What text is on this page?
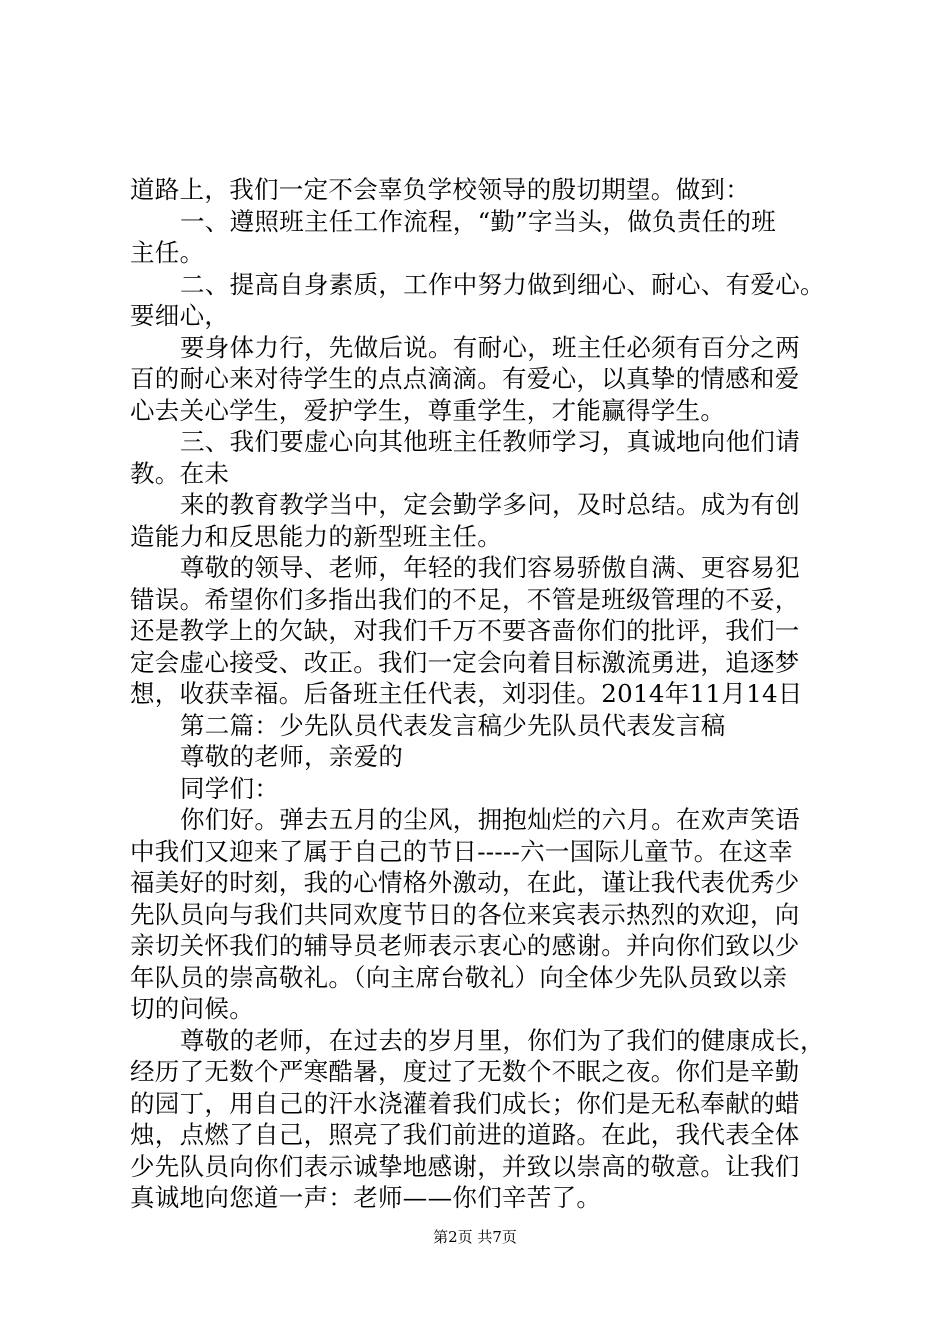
道路上，我们一定不会辜负学校领导的殷切期望。做到：
一、遵照班主任工作流程，“勤”字当头，做负责任的班
主任。
二、提高自身素质，工作中努力做到细心、耐心、有爱心。
要细心，
要身体力行，先做后说。有耐心，班主任必须有百分之两
百的耐心来对待学生的点点滴滴。有爱心，以真挚的情感和爱
心去关心学生，爱护学生，尊重学生，才能赢得学生。
三、我们要虚心向其他班主任教师学习，真诚地向他们请
教。在未
来的教育教学当中，定会勤学多问，及时总结。成为有创
造能力和反思能力的新型班主任。
尊敬的领导、老师，年轻的我们容易骄傲自满、更容易犯
错误。希望你们多指出我们的不足，不管是班级管理的不妥，
还是教学上的欠缺，对我们千万不要吝啬你们的批评，我们一
定会虚心接受、改正。我们一定会向着目标激流勇进，追逐梦
想，收获幸福。后备班主任代表，刘羽佳。2014年11月14日
第二篇：少先队员代表发言稿少先队员代表发言稿
尊敬的老师，亲爱的
同学们：
你们好。弹去五月的尘风，拥抱灿烂的六月。在欢声笑语
中我们又迎来了属于自己的节日-----六一国际儿童节。在这幸
福美好的时刻，我的心情格外激动，在此，谨让我代表优秀少
先队员向与我们共同欢度节日的各位来宾表示热烈的欢迎，向
亲切关怀我们的辅导员老师表示衷心的感谢。并向你们致以少
年队员的崇高敬礼。（向主席台敬礼）向全体少先队员致以亲
切的问候。
尊敬的老师，在过去的岁月里，你们为了我们的健康成长，
经历了无数个严寒酷暑，度过了无数个不眠之夜。你们是辛勤
的园丁，用自己的汗水浇灌着我们成长；你们是无私奉献的蜡
烛，点燃了自己，照亮了我们前进的道路。在此，我代表全体
少先队员向你们表示诚挚地感谢，并致以崇高的敬意。让我们
真诚地向您道一声：老师——你们辛苦了。
第2页 共7页
